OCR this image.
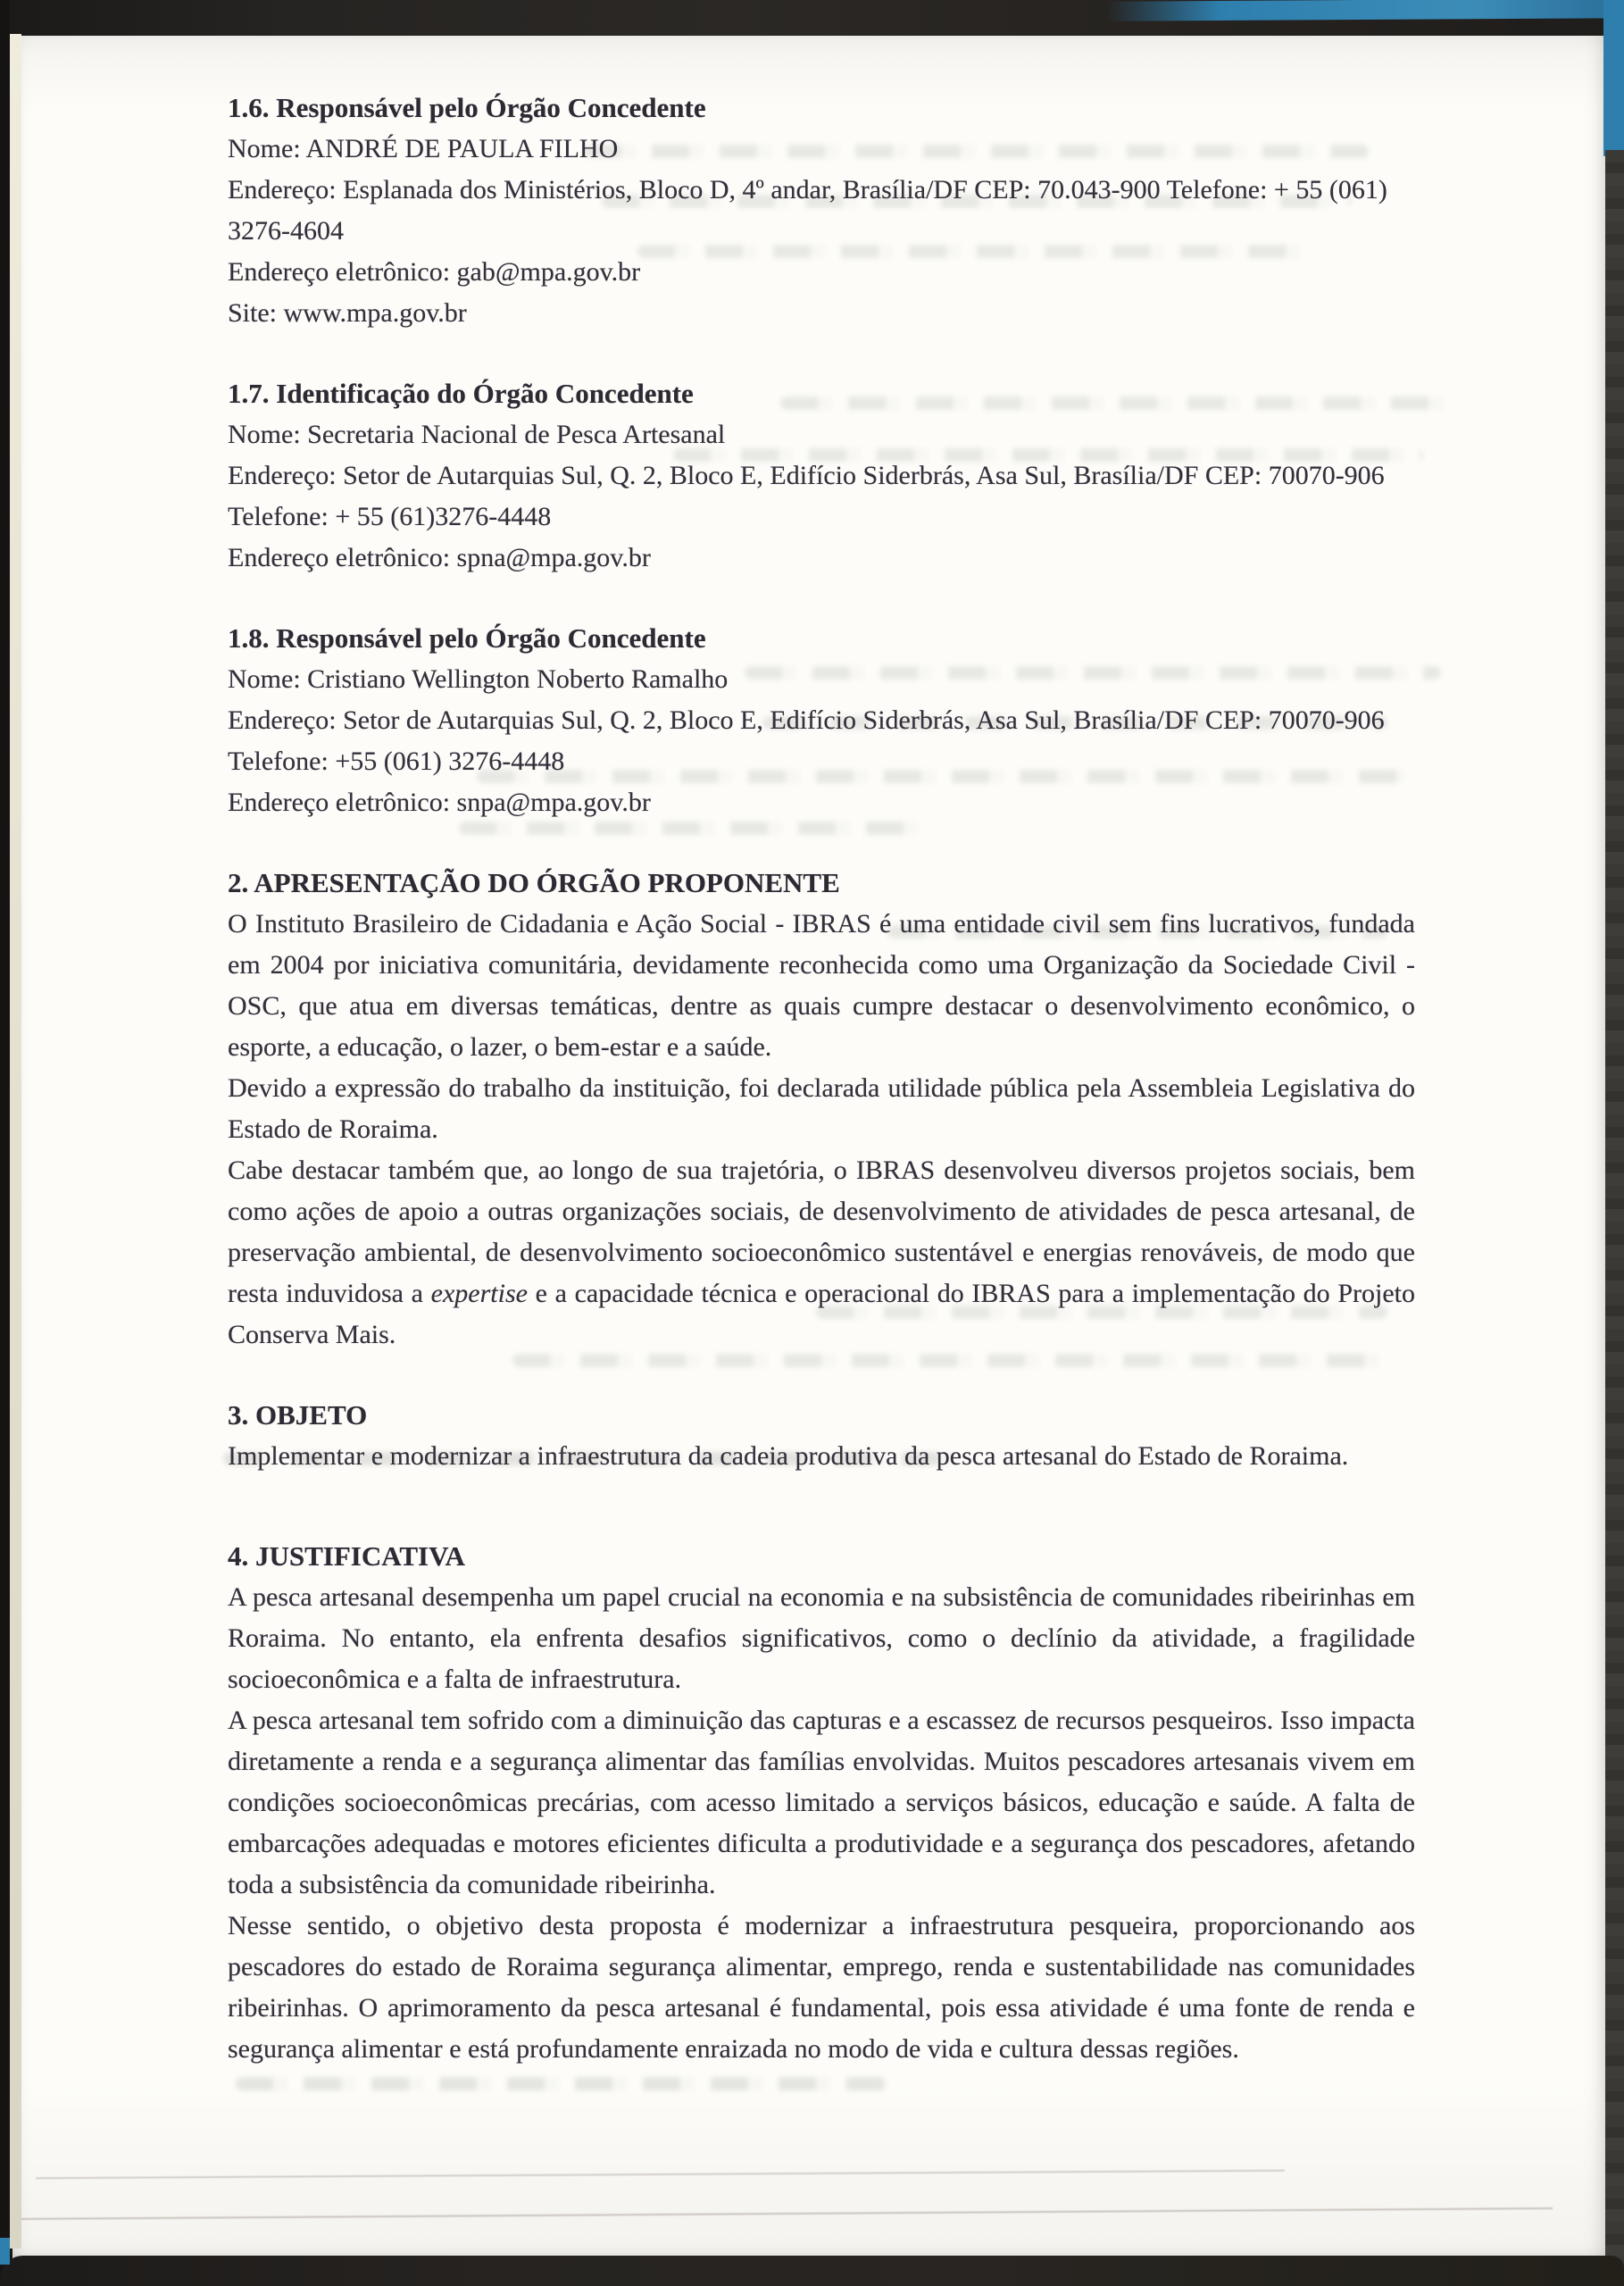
1.6. Responsável pelo Órgão Concedente

Nome: ANDRÉ DE PAULA FILHO

Endereço: Esplanada dos Ministérios, Bloco D, 4º andar, Brasília/DF CEP: 70.043-900 Telefone: + 55 (061) 3276-4604

Endereço eletrônico: gab@mpa.gov.br

Site: www.mpa.gov.br

1.7. Identificação do Órgão Concedente

Nome: Secretaria Nacional de Pesca Artesanal

Endereço: Setor de Autarquias Sul, Q. 2, Bloco E, Edifício Siderbrás, Asa Sul, Brasília/DF CEP: 70070-906

Telefone: + 55 (61)3276-4448

Endereço eletrônico: spna@mpa.gov.br

1.8. Responsável pelo Órgão Concedente

Nome: Cristiano Wellington Noberto Ramalho

Endereço: Setor de Autarquias Sul, Q. 2, Bloco E, Edifício Siderbrás, Asa Sul, Brasília/DF CEP: 70070-906

Telefone: +55 (061) 3276-4448

Endereço eletrônico: snpa@mpa.gov.br

2. APRESENTAÇÃO DO ÓRGÃO PROPONENTE

O Instituto Brasileiro de Cidadania e Ação Social - IBRAS é uma entidade civil sem fins lucrativos, fundada em 2004 por iniciativa comunitária, devidamente reconhecida como uma Organização da Sociedade Civil - OSC, que atua em diversas temáticas, dentre as quais cumpre destacar o desenvolvimento econômico, o esporte, a educação, o lazer, o bem-estar e a saúde.

Devido a expressão do trabalho da instituição, foi declarada utilidade pública pela Assembleia Legislativa do Estado de Roraima.

Cabe destacar também que, ao longo de sua trajetória, o IBRAS desenvolveu diversos projetos sociais, bem como ações de apoio a outras organizações sociais, de desenvolvimento de atividades de pesca artesanal, de preservação ambiental, de desenvolvimento socioeconômico sustentável e energias renováveis, de modo que resta induvidosa a expertise e a capacidade técnica e operacional do IBRAS para a implementação do Projeto Conserva Mais.

3. OBJETO

Implementar e modernizar a infraestrutura da cadeia produtiva da pesca artesanal do Estado de Roraima.

4. JUSTIFICATIVA

A pesca artesanal desempenha um papel crucial na economia e na subsistência de comunidades ribeirinhas em Roraima. No entanto, ela enfrenta desafios significativos, como o declínio da atividade, a fragilidade socioeconômica e a falta de infraestrutura.

A pesca artesanal tem sofrido com a diminuição das capturas e a escassez de recursos pesqueiros. Isso impacta diretamente a renda e a segurança alimentar das famílias envolvidas. Muitos pescadores artesanais vivem em condições socioeconômicas precárias, com acesso limitado a serviços básicos, educação e saúde. A falta de embarcações adequadas e motores eficientes dificulta a produtividade e a segurança dos pescadores, afetando toda a subsistência da comunidade ribeirinha.

Nesse sentido, o objetivo desta proposta é modernizar a infraestrutura pesqueira, proporcionando aos pescadores do estado de Roraima segurança alimentar, emprego, renda e sustentabilidade nas comunidades ribeirinhas. O aprimoramento da pesca artesanal é fundamental, pois essa atividade é uma fonte de renda e segurança alimentar e está profundamente enraizada no modo de vida e cultura dessas regiões.
